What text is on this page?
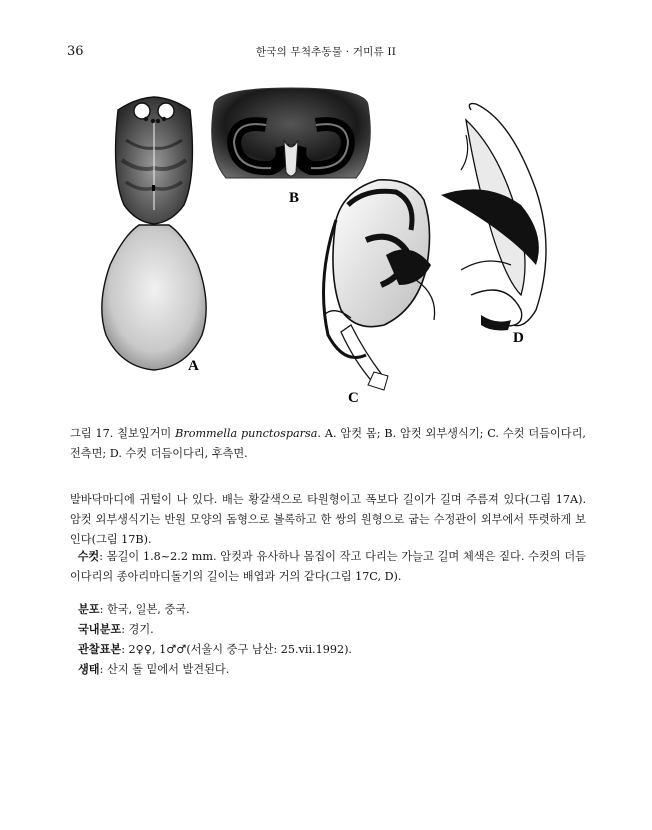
36	한국의 무척추동물 · 거미류 II
A
B
C
D
그림 17. 칠보잎거미 Brommella punctosparsa. A. 암컷 몸; B. 암컷 외부생식기; C. 수컷 더듬이다리, 전측면; D. 수컷 더듬이다리, 후측면.
발바닥마디에 귀털이 나 있다. 배는 황갈색으로 타원형이고 폭보다 길이가 길며 주름져 있다(그림 17A). 암컷 외부생식기는 반원 모양의 돔형으로 볼록하고 한 쌍의 원형으로 굽는 수정관이 외부에서 뚜렷하게 보인다(그림 17B).
수컷: 몸길이 1.8~2.2 mm. 암컷과 유사하나 몸집이 작고 다리는 가늘고 길며 체색은 짙다. 수컷의 더듬이다리의 종아리마디돌기의 길이는 배엽과 거의 같다(그림 17C, D).
분포: 한국, 일본, 중국.
국내분포: 경기.
관찰표본: 2♀♀, 1♂♂(서울시 중구 남산: 25.vii.1992).
생태: 산지 돌 밑에서 발견된다.
